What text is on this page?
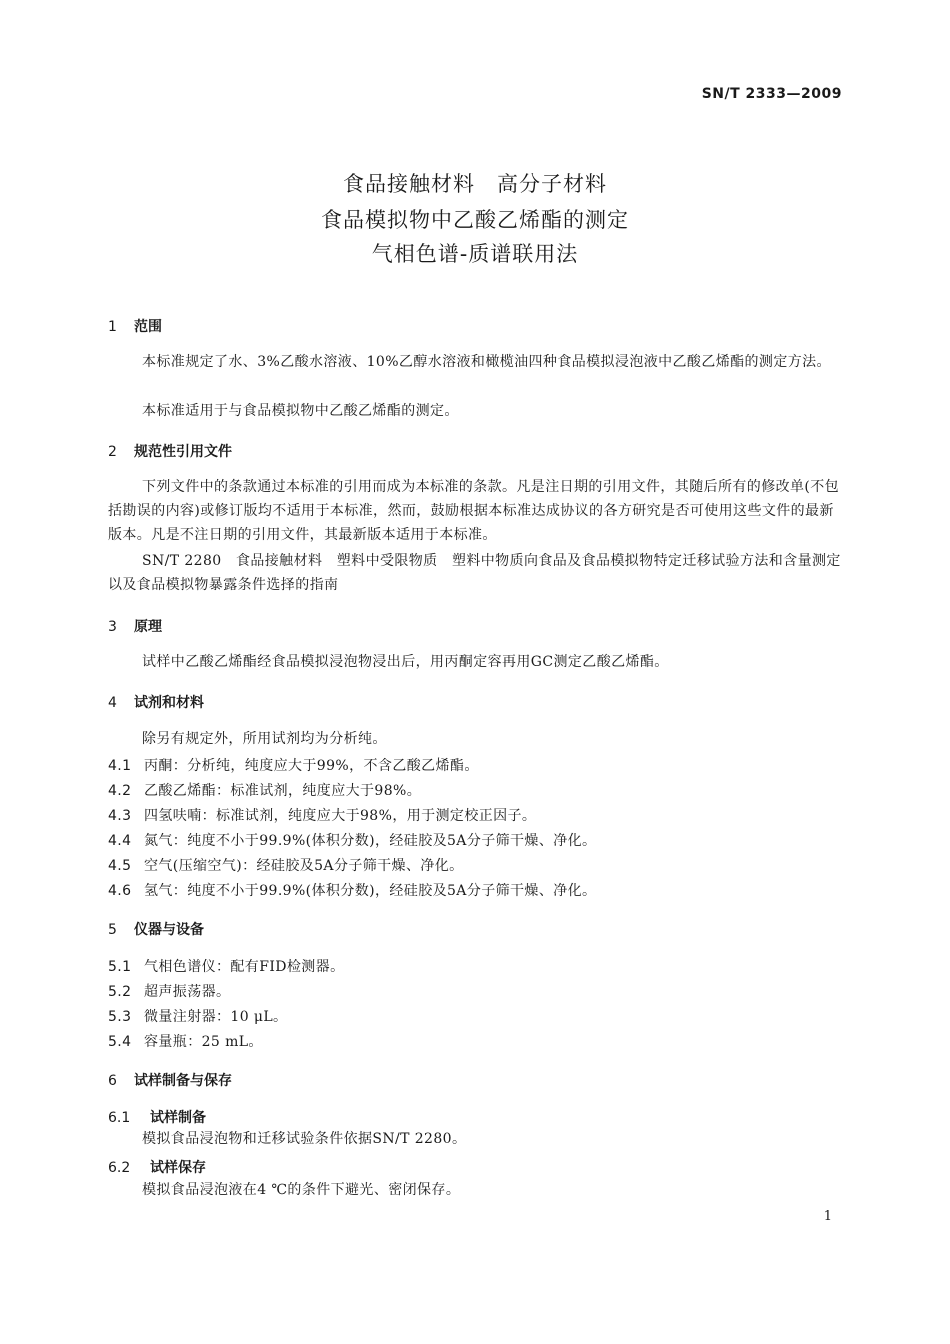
SN/T 2333—2009
食品接触材料　高分子材料
食品模拟物中乙酸乙烯酯的测定
气相色谱-质谱联用法
1 范围
本标准规定了水、3%乙酸水溶液、10%乙醇水溶液和橄榄油四种食品模拟浸泡液中乙酸乙烯酯的测定方法。
本标准适用于与食品模拟物中乙酸乙烯酯的测定。
2 规范性引用文件
下列文件中的条款通过本标准的引用而成为本标准的条款。凡是注日期的引用文件，其随后所有的修改单(不包括勘误的内容)或修订版均不适用于本标准，然而，鼓励根据本标准达成协议的各方研究是否可使用这些文件的最新版本。凡是不注日期的引用文件，其最新版本适用于本标准。
SN/T 2280　食品接触材料　塑料中受限物质　塑料中物质向食品及食品模拟物特定迁移试验方法和含量测定以及食品模拟物暴露条件选择的指南
3 原理
试样中乙酸乙烯酯经食品模拟浸泡物浸出后，用丙酮定容再用GC测定乙酸乙烯酯。
4 试剂和材料
除另有规定外，所用试剂均为分析纯。
4.1 丙酮：分析纯，纯度应大于99%，不含乙酸乙烯酯。
4.2 乙酸乙烯酯：标准试剂，纯度应大于98%。
4.3 四氢呋喃：标准试剂，纯度应大于98%，用于测定校正因子。
4.4 氮气：纯度不小于99.9%(体积分数)，经硅胶及5A分子筛干燥、净化。
4.5 空气(压缩空气)：经硅胶及5A分子筛干燥、净化。
4.6 氢气：纯度不小于99.9%(体积分数)，经硅胶及5A分子筛干燥、净化。
5 仪器与设备
5.1 气相色谱仪：配有FID检测器。
5.2 超声振荡器。
5.3 微量注射器：10 μL。
5.4 容量瓶：25 mL。
6 试样制备与保存
6.1 试样制备
模拟食品浸泡物和迁移试验条件依据SN/T 2280。
6.2 试样保存
模拟食品浸泡液在4 ℃的条件下避光、密闭保存。
1
